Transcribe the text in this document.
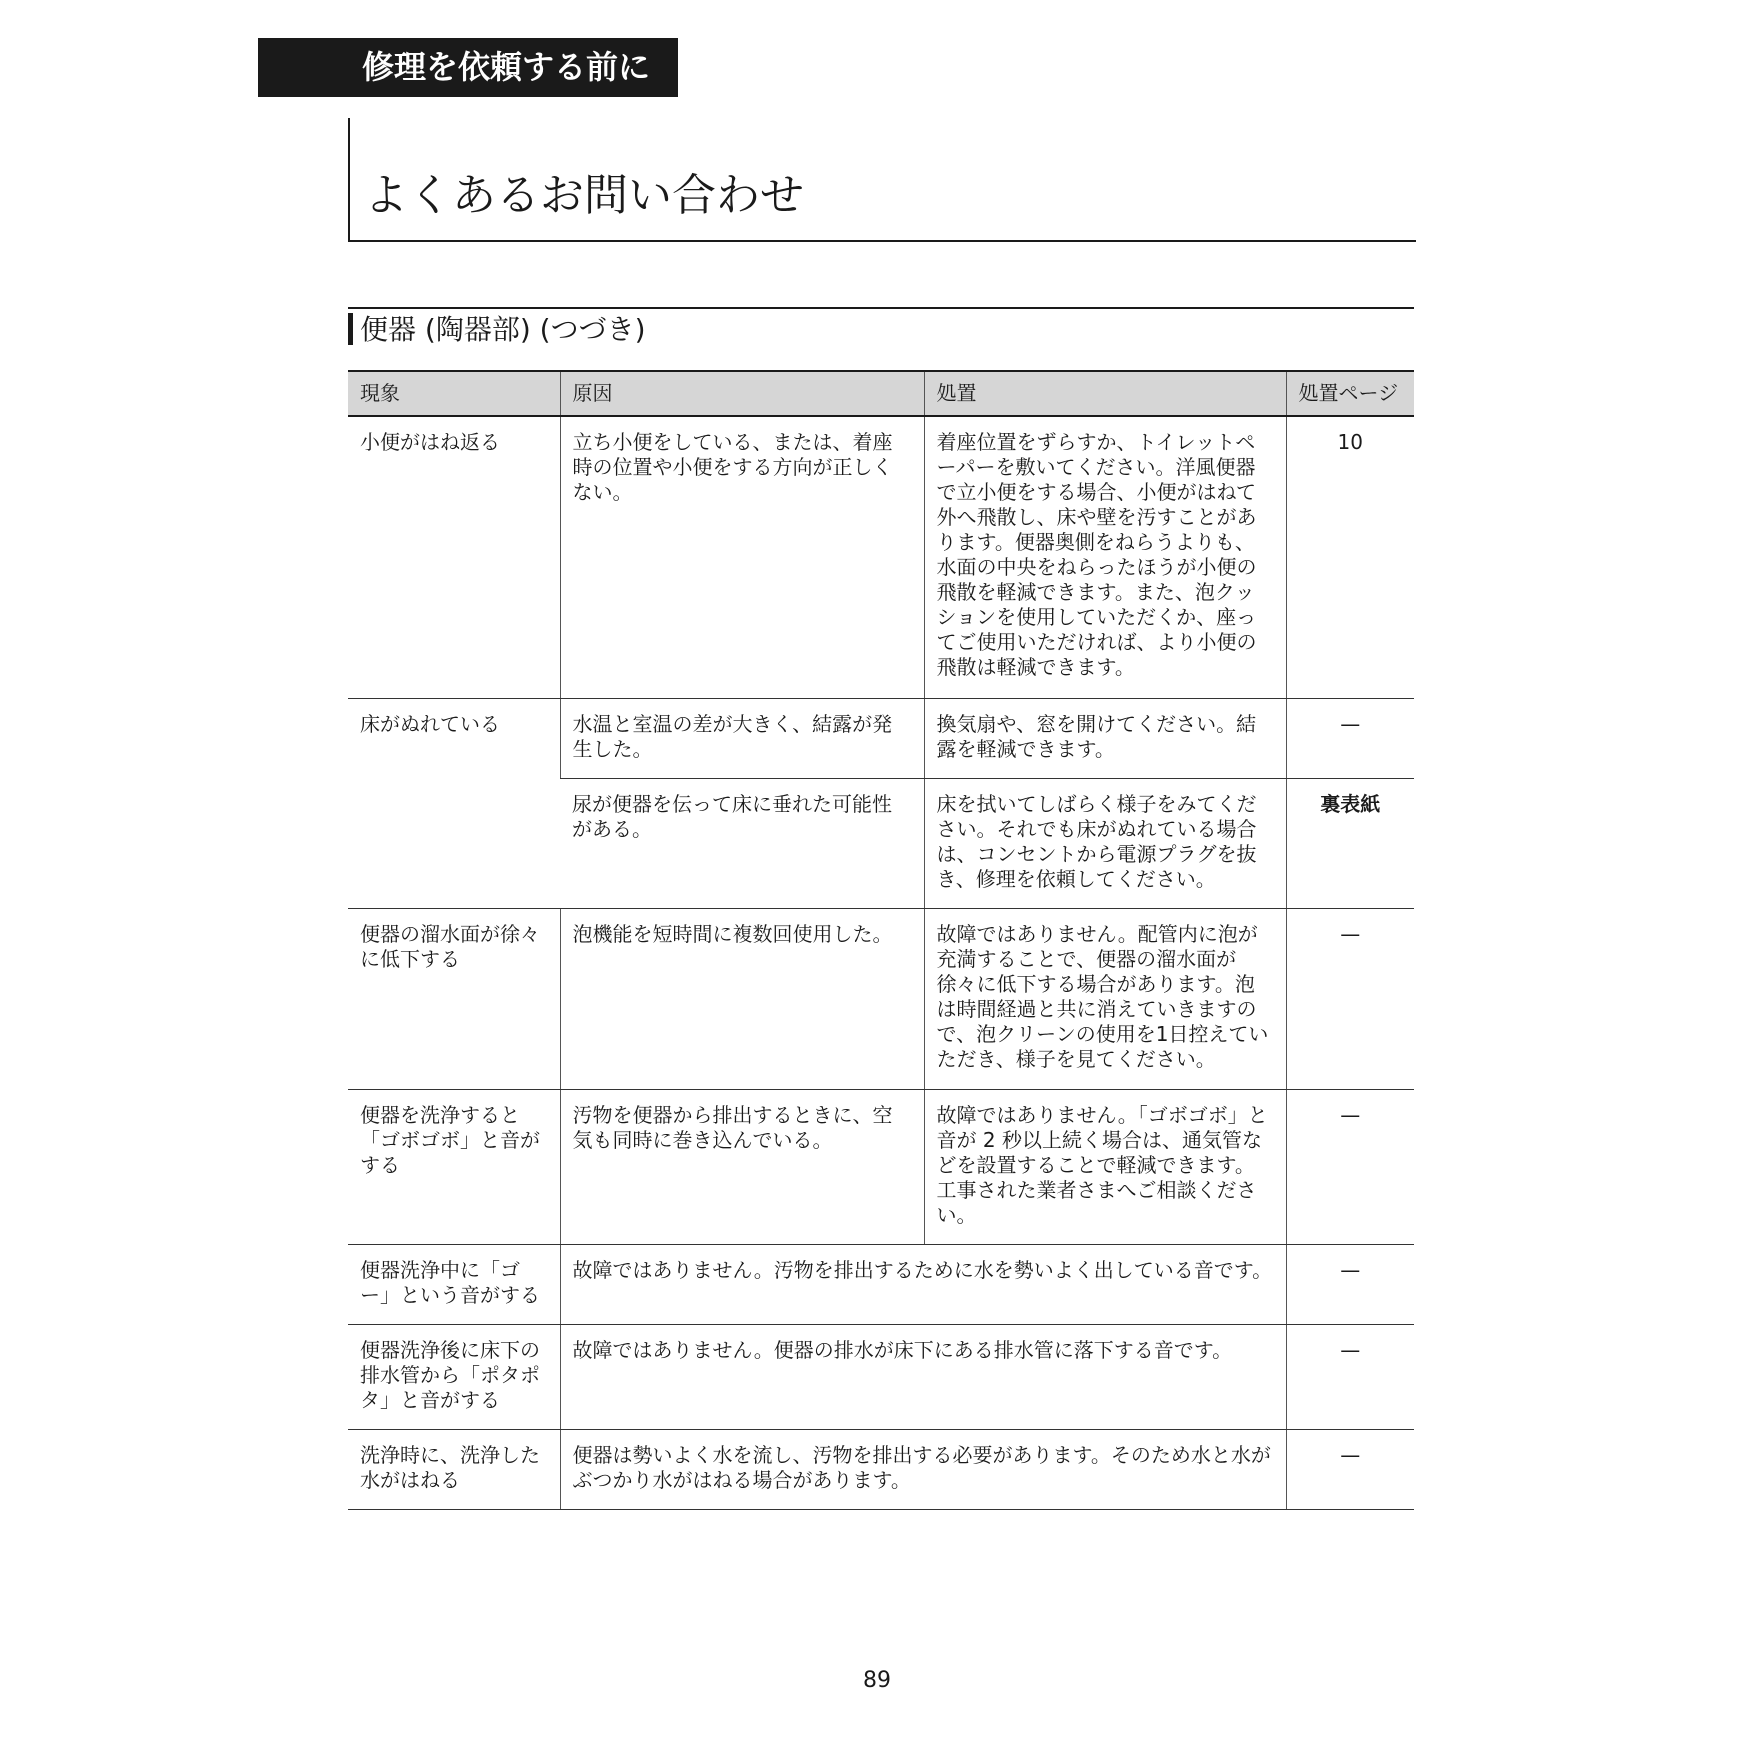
修理を依頼する前に
よくあるお問い合わせ
便器 (陶器部) (つづき)
現象	原因	処置	処置ページ
小便がはね返る	立ち小便をしている、または、着座時の位置や小便をする方向が正しくない。	着座位置をずらすか、トイレットペーパーを敷いてください。洋風便器で立小便をする場合、小便がはねて外へ飛散し、床や壁を汚すことがあります。便器奥側をねらうよりも、水面の中央をねらったほうが小便の飛散を軽減できます。また、泡クッションを使用していただくか、座ってご使用いただければ、より小便の飛散は軽減できます。	10
床がぬれている	水温と室温の差が大きく、結露が発生した。	換気扇や、窓を開けてください。結露を軽減できます。	—
	尿が便器を伝って床に垂れた可能性がある。	床を拭いてしばらく様子をみてください。それでも床がぬれている場合は、コンセントから電源プラグを抜き、修理を依頼してください。	裏表紙
便器の溜水面が徐々に低下する	泡機能を短時間に複数回使用した。	故障ではありません。配管内に泡が充満することで、便器の溜水面が徐々に低下する場合があります。泡は時間経過と共に消えていきますので、泡クリーンの使用を1日控えていただき、様子を見てください。	—
便器を洗浄すると「ゴボゴボ」と音がする	汚物を便器から排出するときに、空気も同時に巻き込んでいる。	故障ではありません。「ゴボゴボ」と音が 2 秒以上続く場合は、通気管などを設置することで軽減できます。工事された業者さまへご相談ください。	—
便器洗浄中に「ゴー」という音がする	故障ではありません。汚物を排出するために水を勢いよく出している音です。		—
便器洗浄後に床下の排水管から「ポタポタ」と音がする	故障ではありません。便器の排水が床下にある排水管に落下する音です。		—
洗浄時に、洗浄した水がはねる	便器は勢いよく水を流し、汚物を排出する必要があります。そのため水と水がぶつかり水がはねる場合があります。		—
89
